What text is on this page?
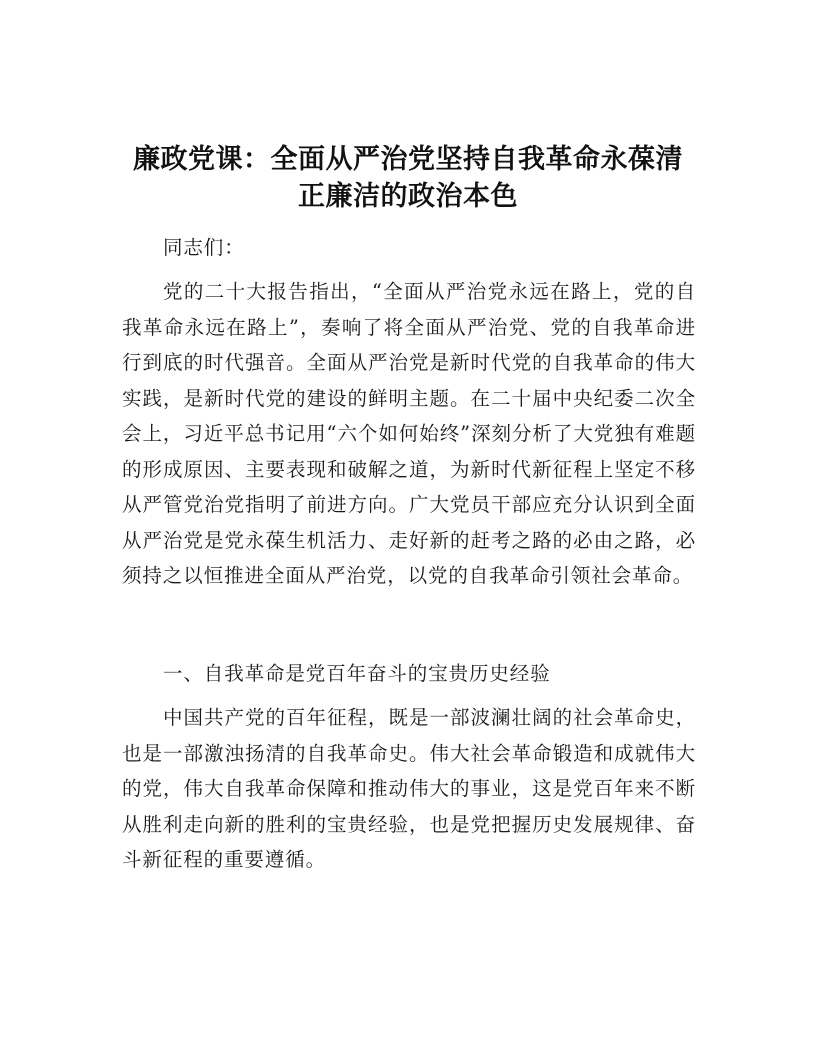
廉政党课：全面从严治党坚持自我革命永葆清
正廉洁的政治本色

同志们：

党的二十大报告指出，“全面从严治党永远在路上，党的自我革命永远在路上”，奏响了将全面从严治党、党的自我革命进行到底的时代强音。全面从严治党是新时代党的自我革命的伟大实践，是新时代党的建设的鲜明主题。在二十届中央纪委二次全会上，习近平总书记用“六个如何始终”深刻分析了大党独有难题的形成原因、主要表现和破解之道，为新时代新征程上坚定不移从严管党治党指明了前进方向。广大党员干部应充分认识到全面从严治党是党永葆生机活力、走好新的赶考之路的必由之路，必须持之以恒推进全面从严治党，以党的自我革命引领社会革命。

一、自我革命是党百年奋斗的宝贵历史经验

中国共产党的百年征程，既是一部波澜壮阔的社会革命史，也是一部激浊扬清的自我革命史。伟大社会革命锻造和成就伟大的党，伟大自我革命保障和推动伟大的事业，这是党百年来不断从胜利走向新的胜利的宝贵经验，也是党把握历史发展规律、奋斗新征程的重要遵循。
